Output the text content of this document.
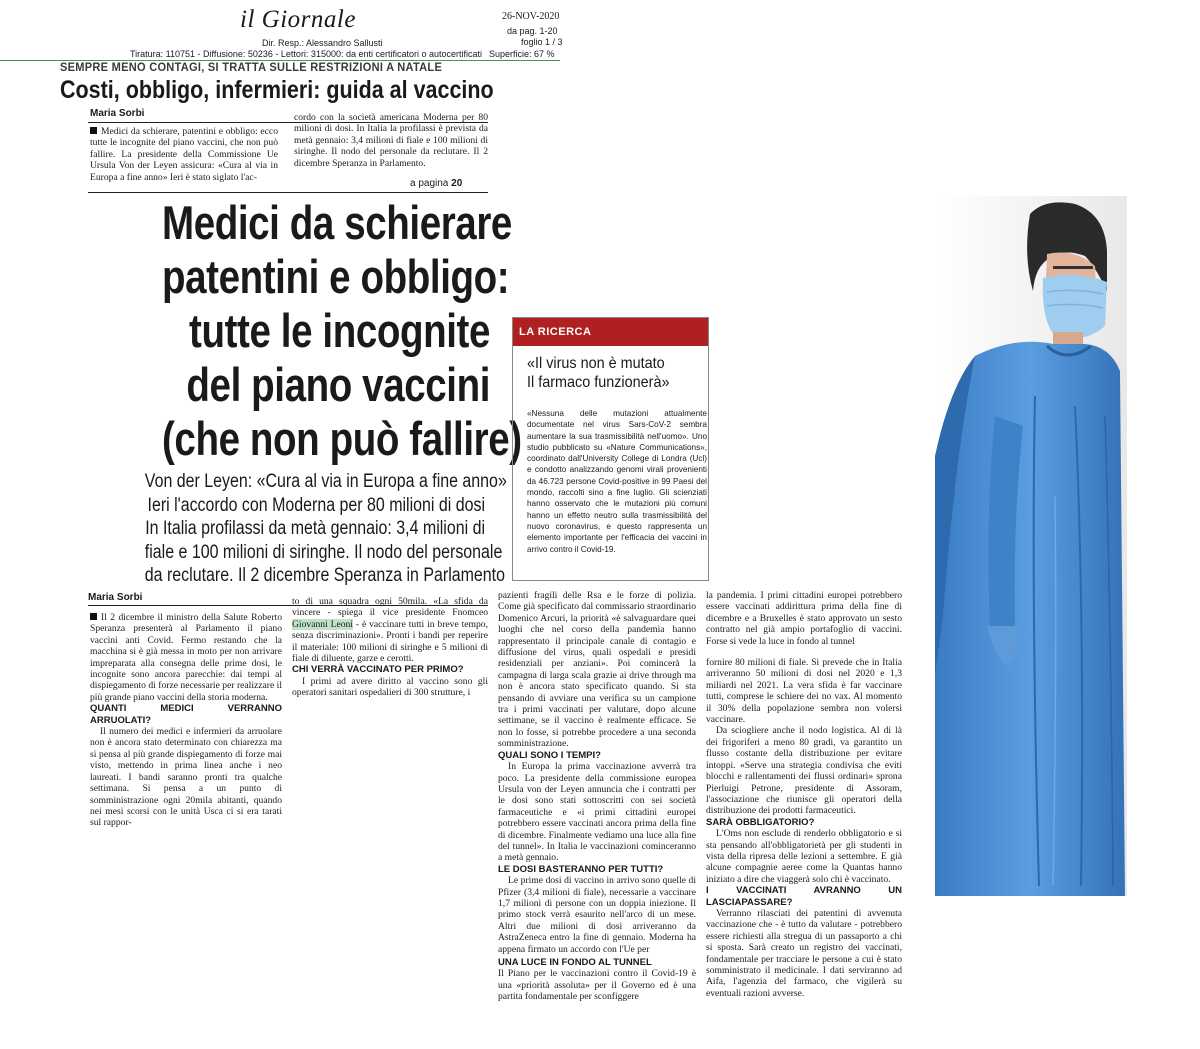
il Giornale	26-NOV-2020
da pag. 1-20
foglio 1 / 3
Dir. Resp.: Alessandro Sallusti
Tiratura: 110751 - Diffusione: 50236 - Lettori: 315000: da enti certificatori o autocertificati Superficie: 67 %
SEMPRE MENO CONTAGI, SI TRATTA SULLE RESTRIZIONI A NATALE
Costi, obbligo, infermieri: guida al vaccino
Maria Sorbi

Medici da schierare, patentini e obbligo: ecco tutte le incognite del piano vaccini, che non può fallire. La presidente della Commissione Ue Ursula Von der Leyen assicura: «Cura al via in Europa a fine anno» Ieri è stato siglato l'ac-

cordo con la società americana Moderna per 80 milioni di dosi. In Italia la profilassi è prevista da metà gennaio: 3,4 milioni di fiale e 100 milioni di siringhe. Il nodo del personale da reclutare. Il 2 dicembre Speranza in Parlamento.

a pagina 20
Medici da schierare
patentini e obbligo:
tutte le incognite
del piano vaccini
(che non può fallire)
Von der Leyen: «Cura al via in Europa a fine anno»
Ieri l'accordo con Moderna per 80 milioni di dosi
In Italia profilassi da metà gennaio: 3,4 milioni di
fiale e 100 milioni di siringhe. Il nodo del personale
da reclutare. Il 2 dicembre Speranza in Parlamento
Maria Sorbi

Il 2 dicembre il ministro della Salute Roberto Speranza presenterà al Parlamento il piano vaccini anti Covid. Fermo restando che la macchina si è già messa in moto per non arrivare impreparata alla consegna delle prime dosi, le incognite sono ancora parecchie: dai tempi al dispiegamento di forze necessarie per realizzare il più grande piano vaccini della storia moderna.

QUANTI MEDICI VERRANNO ARRUOLATI?

Il numero dei medici e infermieri da arruolare non è ancora stato determinato con chiarezza ma si pensa al più grande dispiegamento di forze mai visto, mettendo in prima linea anche i neo laureati. I bandi saranno pronti tra qualche settimana. Si pensa a un punto di somministrazione ogni 20mila abitanti, quando nei mesi scorsi con le unità Usca ci si era tarati sul rappor-

to di una squadra ogni 50mila. «La sfida da vincere - spiega il vice presidente Fnomceo Giovanni Leoni - è vaccinare tutti in breve tempo, senza discriminazioni». Pronti i bandi per reperire il materiale: 100 milioni di siringhe e 5 milioni di fiale di diluente, garze e cerotti.

CHI VERRÀ VACCINATO PER PRIMO?

I primi ad avere diritto al vaccino sono gli operatori sanitari ospedalieri di 300 strutture, i

pazienti fragili delle Rsa e le forze di polizia. Come già specificato dal commissario straordinario Domenico Arcuri, la priorità «è salvaguardare quei luoghi che nel corso della pandemia hanno rappresentato il principale canale di contagio e diffusione del virus, quali ospedali e presidi residenziali per anziani». Poi comincerà la campagna di larga scala grazie ai drive through ma non è ancora stato specificato quando. Si sta pensando di avviare una verifica su un campione tra i primi vaccinati per valutare, dopo alcune settimane, se il vaccino è realmente efficace. Se non lo fosse, si potrebbe procedere a una seconda somministrazione.

QUALI SONO I TEMPI?

In Europa la prima vaccinazione avverrà tra poco. La presidente della commissione europea Ursula von der Leyen annuncia che i contratti per le dosi sono stati sottoscritti con sei società farmaceutiche e «i primi cittadini europei potrebbero essere vaccinati ancora prima della fine di dicembre. Finalmente vediamo una luce alla fine del tunnel». In Italia le vaccinazioni cominceranno a metà gennaio.

LE DOSI BASTERANNO PER TUTTI?

Le prime dosi di vaccino in arrivo sono quelle di Pfizer (3,4 milioni di fiale), necessarie a vaccinare 1,7 milioni di persone con un doppia iniezione. Il primo stock verrà esaurito nell'arco di un mese. Altri due milioni di dosi arriveranno da AstraZeneca entro la fine di gennaio. Moderna ha appena firmato un accordo con l'Ue per

UNA LUCE IN FONDO AL TUNNEL

Il Piano per le vaccinazioni contro il Covid-19 è una «priorità assoluta» per il Governo ed è una partita fondamentale per sconfiggere

la pandemia. I primi cittadini europei potrebbero essere vaccinati addirittura prima della fine di dicembre e a Bruxelles è stato approvato un sesto contratto nel già ampio portafoglio di vaccini. Forse si vede la luce in fondo al tunnel

fornire 80 milioni di fiale. Si prevede che in Italia arriveranno 50 milioni di dosi nel 2020 e 1,3 miliardi nel 2021. La vera sfida è far vaccinare tutti, comprese le schiere dei no vax. Al momento il 30% della popolazione sembra non volersi vaccinare.

Da sciogliere anche il nodo logistica. Al di là dei frigoriferi a meno 80 gradi, va garantito un flusso costante della distribuzione per evitare intoppi. «Serve una strategia condivisa che eviti blocchi e rallentamenti dei flussi ordinari» sprona Pierluigi Petrone, presidente di Assoram, l'associazione che riunisce gli operatori della distribuzione dei prodotti farmaceutici.

SARÀ OBBLIGATORIO?

L'Oms non esclude di renderlo obbligatorio e si sta pensando all'obbligatorietà per gli studenti in vista della ripresa delle lezioni a settembre. E già alcune compagnie aeree come la Quantas hanno iniziato a dire che viaggerà solo chi è vaccinato.

I VACCINATI AVRANNO UN LASCIAPASSARE?

Verranno rilasciati dei patentini di avvenuta vaccinazione che - è tutto da valutare - potrebbero essere richiesti alla stregua di un passaporto a chi si sposta. Sarà creato un registro dei vaccinati, fondamentale per tracciare le persone a cui è stato somministrato il medicinale. I dati serviranno ad Aifa, l'agenzia del farmaco, che vigilerà su eventuali razioni avverse.

LA RICERCA
«Il virus non è mutato
Il farmaco funzionerà»
«Nessuna delle mutazioni attualmente documentate nel virus Sars-CoV-2 sembra aumentare la sua trasmissibilità nell'uomo». Uno studio pubblicato su «Nature Communications», coordinato dall'University College di Londra (Ucl) e condotto analizzando genomi virali provenienti da 46.723 persone Covid-positive in 99 Paesi del mondo, raccolti sino a fine luglio. Gli scienziati hanno osservato che le mutazioni più comuni hanno un effetto neutro sulla trasmissibilità del nuovo coronavirus, e questo rappresenta un elemento importante per l'efficacia dei vaccini in arrivo contro il Covid-19.
